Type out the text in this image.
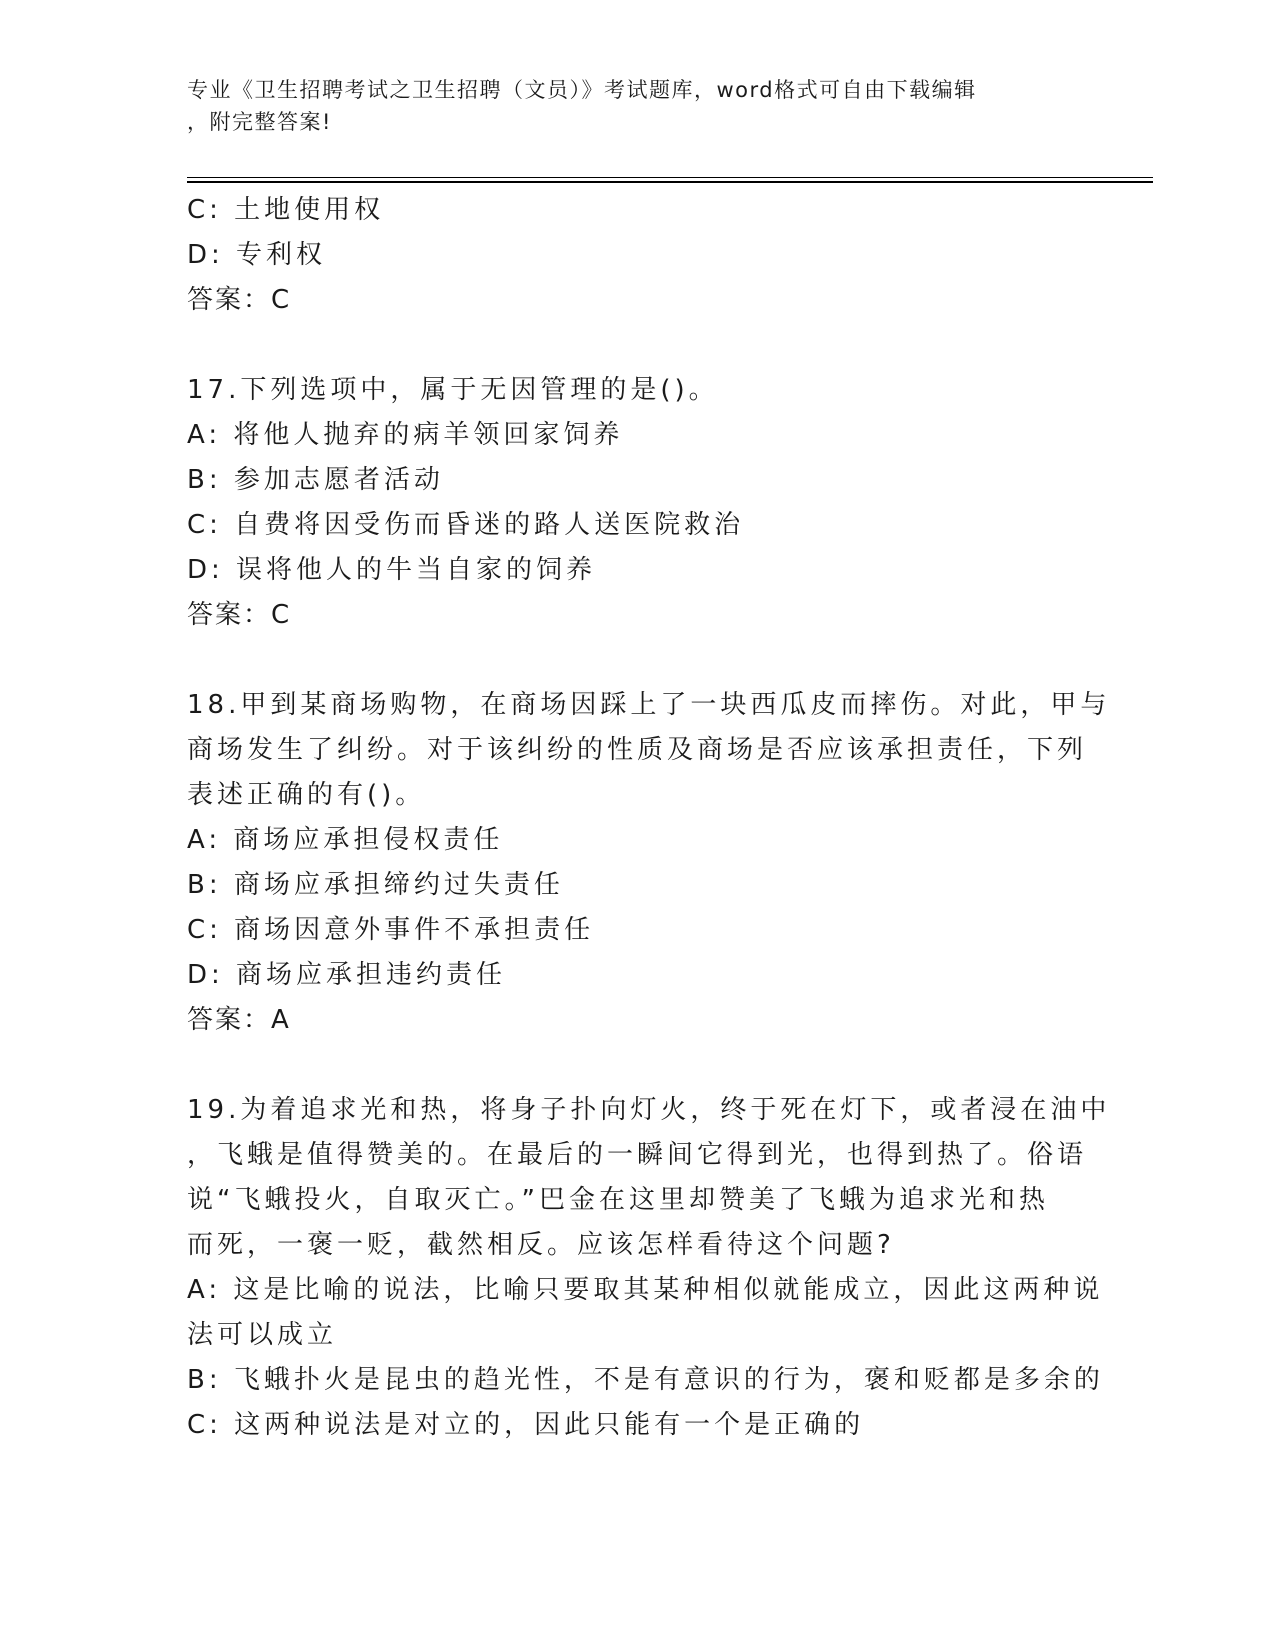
专业《卫生招聘考试之卫生招聘（文员）》考试题库，word格式可自由下载编辑
，附完整答案!
C: 土地使用权
D: 专利权
答案：C
17.下列选项中，属于无因管理的是()。
A: 将他人抛弃的病羊领回家饲养
B: 参加志愿者活动
C: 自费将因受伤而昏迷的路人送医院救治
D: 误将他人的牛当自家的饲养
答案：C
18.甲到某商场购物，在商场因踩上了一块西瓜皮而摔伤。对此，甲与
商场发生了纠纷。对于该纠纷的性质及商场是否应该承担责任，下列
表述正确的有()。
A: 商场应承担侵权责任
B: 商场应承担缔约过失责任
C: 商场因意外事件不承担责任
D: 商场应承担违约责任
答案：A
19.为着追求光和热，将身子扑向灯火，终于死在灯下，或者浸在油中
，飞蛾是值得赞美的。在最后的一瞬间它得到光，也得到热了。俗语
说“飞蛾投火，自取灭亡。”巴金在这里却赞美了飞蛾为追求光和热
而死，一褒一贬，截然相反。应该怎样看待这个问题?
A: 这是比喻的说法，比喻只要取其某种相似就能成立，因此这两种说
法可以成立
B: 飞蛾扑火是昆虫的趋光性，不是有意识的行为，褒和贬都是多余的
C: 这两种说法是对立的，因此只能有一个是正确的
